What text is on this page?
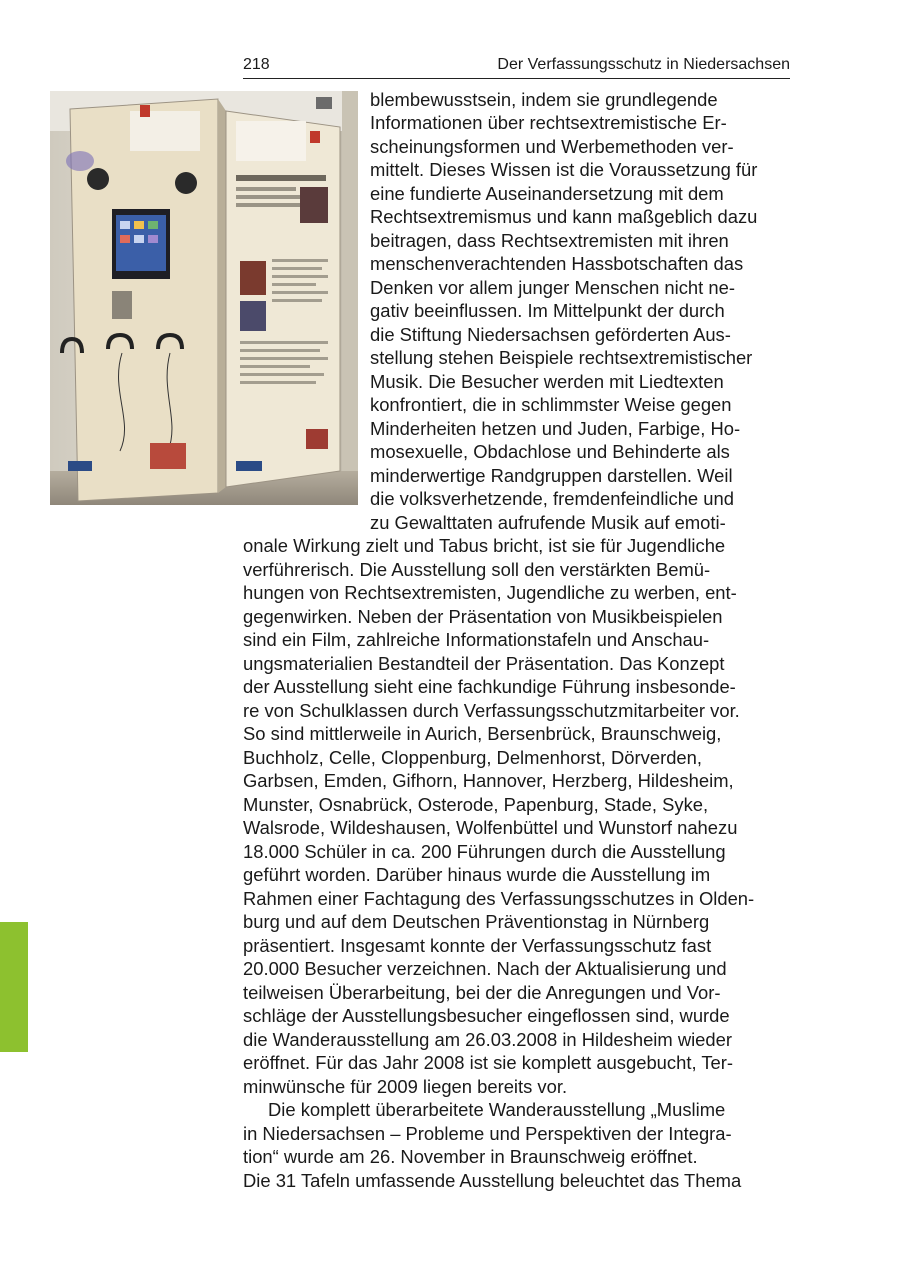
218	Der Verfassungsschutz in Niedersachsen
blembewusstsein, indem sie grundlegende
Informationen über rechtsextremistische Er-
scheinungsformen und Werbemethoden ver-
mittelt. Dieses Wissen ist die Voraussetzung für
eine fundierte Auseinandersetzung mit dem
Rechtsextremismus und kann maßgeblich dazu
beitragen, dass Rechtsextremisten mit ihren
menschenverachtenden Hassbotschaften das
Denken vor allem junger Menschen nicht ne-
gativ beeinflussen. Im Mittelpunkt der durch
die Stiftung Niedersachsen geförderten Aus-
stellung stehen Beispiele rechtsextremistischer
Musik. Die Besucher werden mit Liedtexten
konfrontiert, die in schlimmster Weise gegen
Minderheiten hetzen und Juden, Farbige, Ho-
mosexuelle, Obdachlose und Behinderte als
minderwertige Randgruppen darstellen. Weil
die volksverhetzende, fremdenfeindliche und
zu Gewalttaten aufrufende Musik auf emoti-
onale Wirkung zielt und Tabus bricht, ist sie für Jugendliche
verführerisch. Die Ausstellung soll den verstärkten Bemü-
hungen von Rechtsextremisten, Jugendliche zu werben, ent-
gegenwirken. Neben der Präsentation von Musikbeispielen
sind ein Film, zahlreiche Informationstafeln und Anschau-
ungsmaterialien Bestandteil der Präsentation. Das Konzept
der Ausstellung sieht eine fachkundige Führung insbesonde-
re von Schulklassen durch Verfassungsschutzmitarbeiter vor.
So sind mittlerweile in Aurich, Bersenbrück, Braunschweig,
Buchholz, Celle, Cloppenburg, Delmenhorst, Dörverden,
Garbsen, Emden, Gifhorn, Hannover, Herzberg, Hildesheim,
Munster, Osnabrück, Osterode, Papenburg, Stade, Syke,
Walsrode, Wildeshausen, Wolfenbüttel und Wunstorf nahezu
18.000 Schüler in ca. 200 Führungen durch die Ausstellung
geführt worden. Darüber hinaus wurde die Ausstellung im
Rahmen einer Fachtagung des Verfassungsschutzes in Olden-
burg und auf dem Deutschen Präventionstag in Nürnberg
präsentiert. Insgesamt konnte der Verfassungsschutz fast
20.000 Besucher verzeichnen. Nach der Aktualisierung und
teilweisen Überarbeitung, bei der die Anregungen und Vor-
schläge der Ausstellungsbesucher eingeflossen sind, wurde
die Wanderausstellung am 26.03.2008 in Hildesheim wieder
eröffnet. Für das Jahr 2008 ist sie komplett ausgebucht, Ter-
minwünsche für 2009 liegen bereits vor.
Die komplett überarbeitete Wanderausstellung „Muslime
in Niedersachsen – Probleme und Perspektiven der Integra-
tion“ wurde am 26. November in Braunschweig eröffnet.
Die 31 Tafeln umfassende Ausstellung beleuchtet das Thema
